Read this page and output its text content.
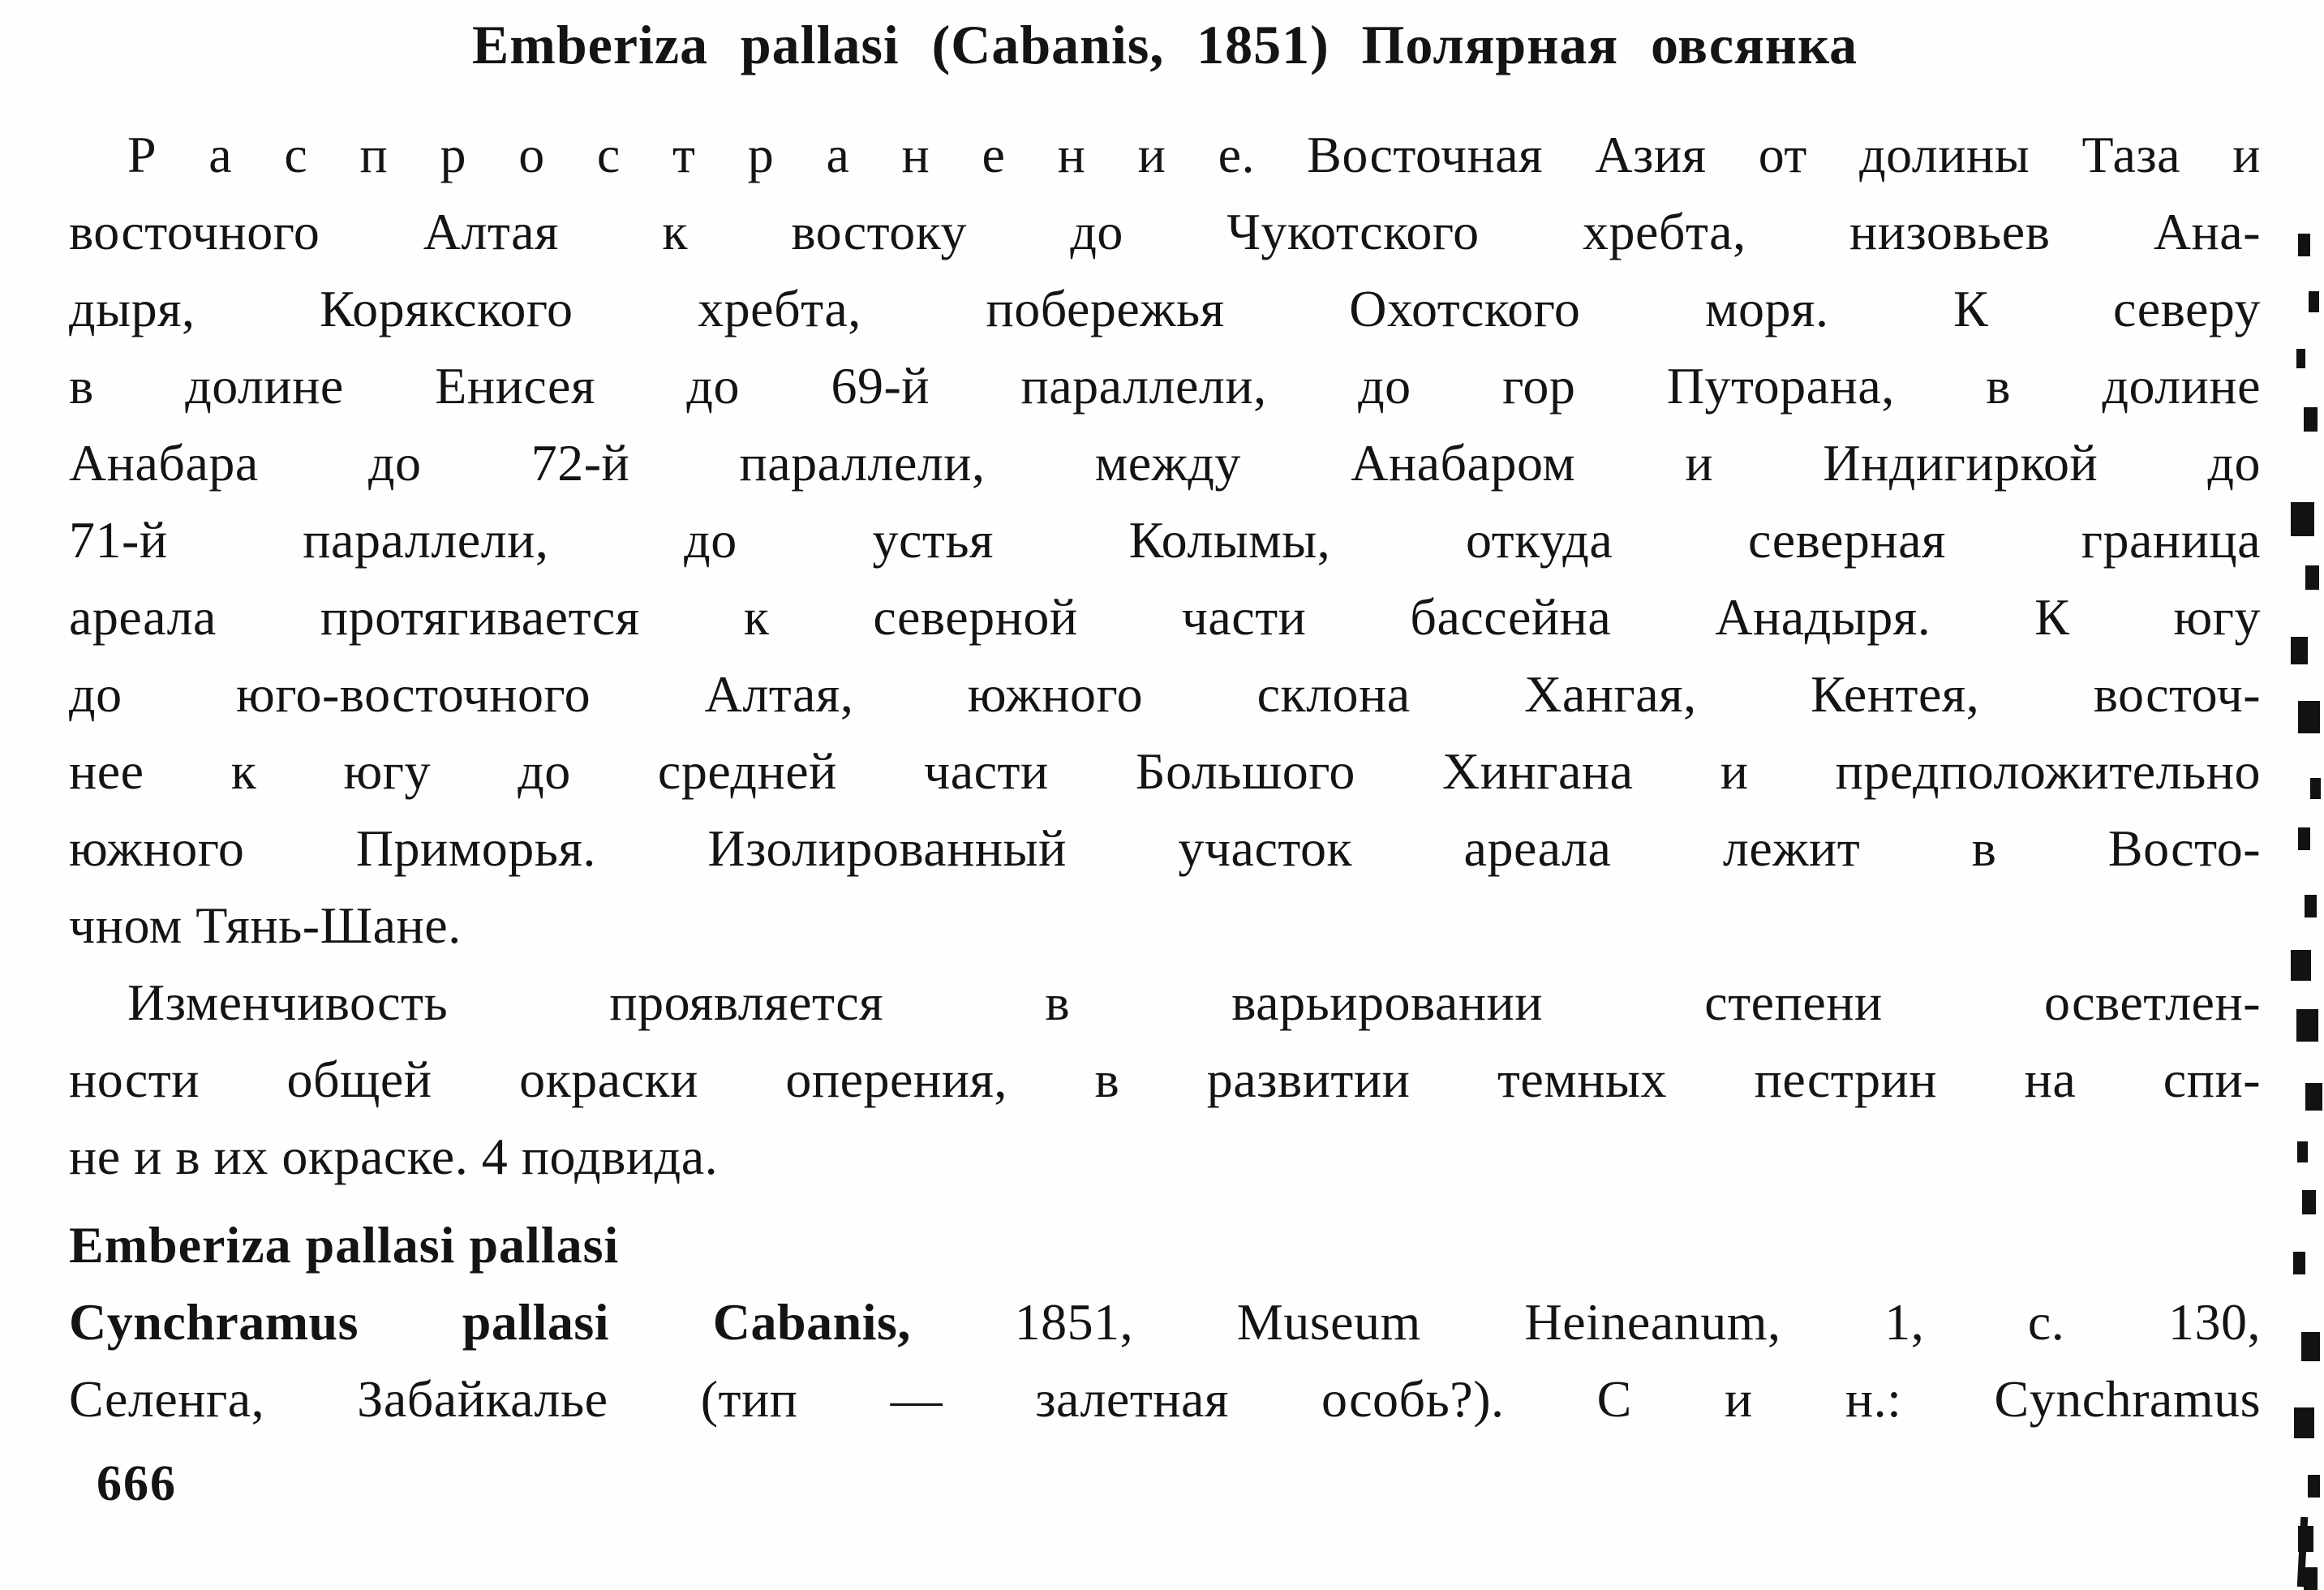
Emberiza pallasi (Cabanis, 1851) Полярная овсянка
Р а с п р о с т р а н е н и е. Восточная Азия от долины Таза и
восточного Алтая к востоку до Чукотского хребта, низовьев Ана-
дыря, Корякского хребта, побережья Охотского моря. К северу
в долине Енисея до 69-й параллели, до гор Путорана, в долине
Анабара до 72-й параллели, между Анабаром и Индигиркой до
71-й параллели, до устья Колымы, откуда северная граница
ареала протягивается к северной части бассейна Анадыря. К югу
до юго-восточного Алтая, южного склона Хангая, Кентея, восточ-
нее к югу до средней части Большого Хингана и предположительно
южного Приморья. Изолированный участок ареала лежит в Восто-
чном Тянь-Шане.
Изменчивость проявляется в варьировании степени осветлен-
ности общей окраски оперения, в развитии темных пестрин на спи-
не и в их окраске. 4 подвида.
Emberiza pallasi pallasi
Cynchramus pallasi Cabanis, 1851, Museum Heineanum, 1, с. 130,
Селенга, Забайкалье (тип — залетная особь?). С и н.: Cynchramus
666
